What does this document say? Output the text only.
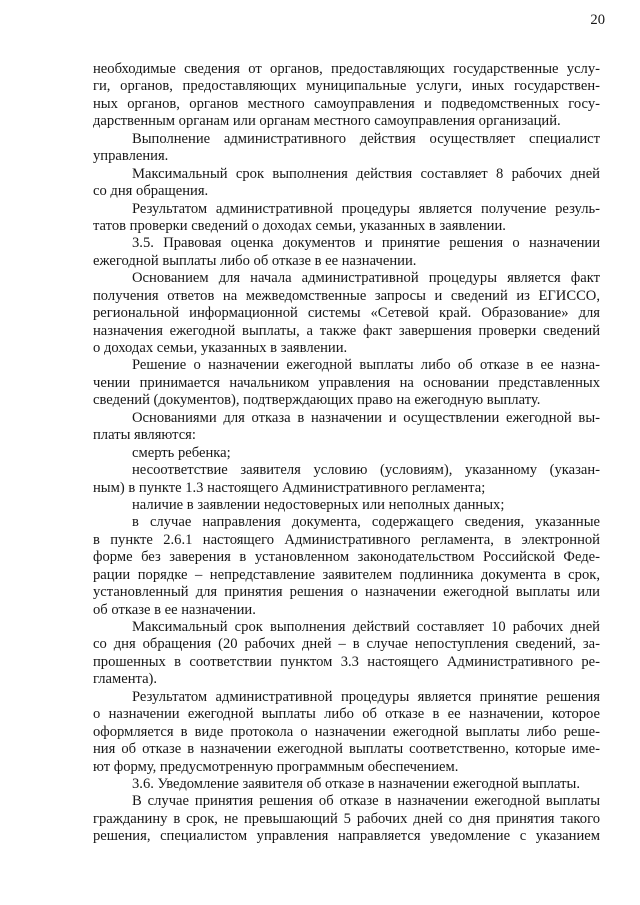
20
необходимые сведения от органов, предоставляющих государственные услу-
ги, органов, предоставляющих муниципальные услуги, иных государствен-
ных органов, органов местного самоуправления и подведомственных госу-
дарственным органам или органам местного самоуправления организаций.
Выполнение административного действия осуществляет специалист
управления.
Максимальный срок выполнения действия составляет 8 рабочих дней
со дня обращения.
Результатом административной процедуры является получение резуль-
татов проверки сведений о доходах семьи, указанных в заявлении.
3.5. Правовая оценка документов и принятие решения о назначении
ежегодной выплаты либо об отказе в ее назначении.
Основанием для начала административной процедуры является факт
получения ответов на межведомственные запросы и сведений из ЕГИССО,
региональной информационной системы «Сетевой край. Образование» для
назначения ежегодной выплаты, а также факт завершения проверки сведений
о доходах семьи, указанных в заявлении.
Решение о назначении ежегодной выплаты либо об отказе в ее назна-
чении принимается начальником управления на основании представленных
сведений (документов), подтверждающих право на ежегодную выплату.
Основаниями для отказа в назначении и осуществлении ежегодной вы-
платы являются:
смерть ребенка;
несоответствие заявителя условию (условиям), указанному (указан-
ным) в пункте 1.3 настоящего Административного регламента;
наличие в заявлении недостоверных или неполных данных;
в случае направления документа, содержащего сведения, указанные
в пункте 2.6.1 настоящего Административного регламента, в электронной
форме без заверения в установленном законодательством Российской Феде-
рации порядке – непредставление заявителем подлинника документа в срок,
установленный для принятия решения о назначении ежегодной выплаты или
об отказе в ее назначении.
Максимальный срок выполнения действий составляет 10 рабочих дней
со дня обращения (20 рабочих дней – в случае непоступления сведений, за-
прошенных в соответствии пунктом 3.3 настоящего Административного ре-
гламента).
Результатом административной процедуры является принятие решения
о назначении ежегодной выплаты либо об отказе в ее назначении, которое
оформляется в виде протокола о назначении ежегодной выплаты либо реше-
ния об отказе в назначении ежегодной выплаты соответственно, которые име-
ют форму, предусмотренную программным обеспечением.
3.6. Уведомление заявителя об отказе в назначении ежегодной выплаты.
В случае принятия решения об отказе в назначении ежегодной выплаты
гражданину в срок, не превышающий 5 рабочих дней со дня принятия такого
решения, специалистом управления направляется уведомление с указанием
